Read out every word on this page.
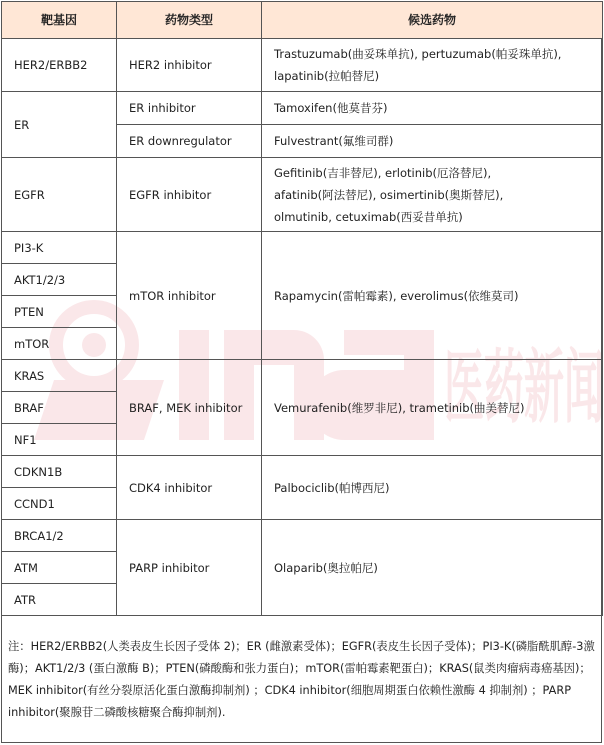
医药新闻
靶基因	药物类型	候选药物
HER2/ERBB2	HER2 inhibitor	Trastuzumab(曲妥珠单抗), pertuzumab(帕妥珠单抗),
lapatinib(拉帕替尼)

ER	ER inhibitor	Tamoxifen(他莫昔芬)
	ER downregulator	Fulvestrant(氟维司群)
EGFR	EGFR inhibitor	Gefitinib(吉非替尼), erlotinib(厄洛替尼),
afatinib(阿法替尼), osimertinib(奥斯替尼),
olmutinib, cetuximab(西妥昔单抗)

PI3-K	mTOR inhibitor	Rapamycin(雷帕霉素), everolimus(依维莫司)
AKT1/2/3		
PTEN		
mTOR		
KRAS	BRAF, MEK inhibitor	Vemurafenib(维罗非尼), trametinib(曲美替尼)
BRAF		
NF1		
CDKN1B	CDK4 inhibitor	Palbociclib(帕博西尼)
CCND1		
BRCA1/2	PARP inhibitor	Olaparib(奥拉帕尼)
ATM		
ATR		
注：HER2/ERBB2(人类表皮生长因子受体 2)；ER (雌激素受体)；EGFR(表皮生长因子受体)；PI3-K(磷脂酰肌醇-3激酶)；AKT1/2/3 (蛋白激酶 B)；PTEN(磷酸酶和张力蛋白)；mTOR(雷帕霉素靶蛋白)；KRAS(鼠类肉瘤病毒癌基因)；MEK inhibitor(有丝分裂原活化蛋白激酶抑制剂) ；CDK4 inhibitor(细胞周期蛋白依赖性激酶 4 抑制剂) ；PARP inhibitor(聚腺苷二磷酸核糖聚合酶抑制剂).
